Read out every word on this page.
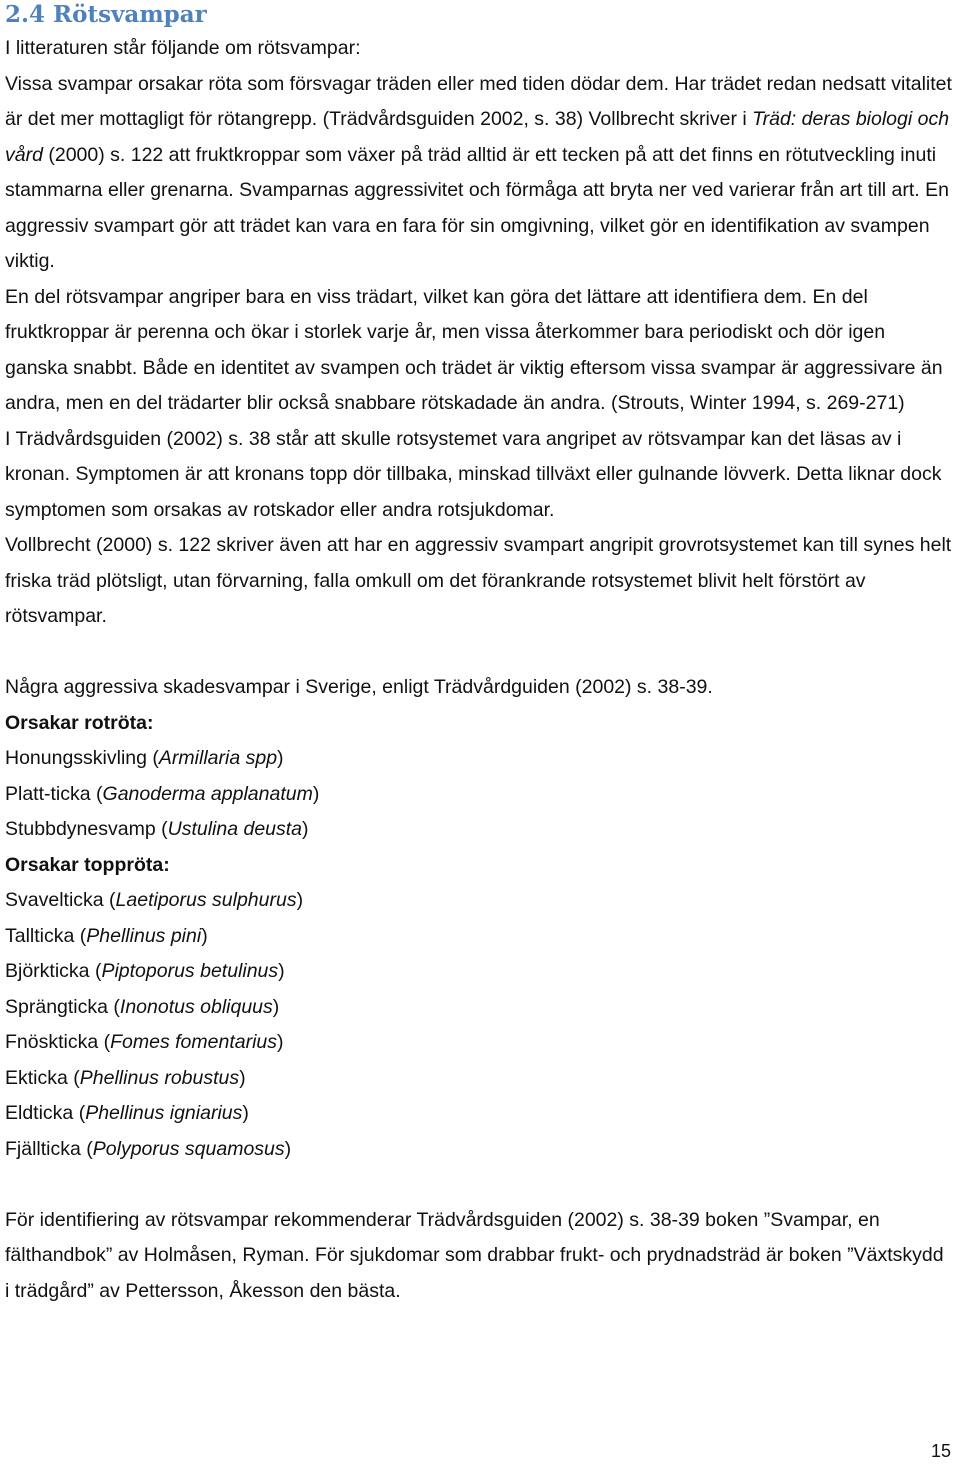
2.4 Rötsvampar

I litteraturen står följande om rötsvampar:

Vissa svampar orsakar röta som försvagar träden eller med tiden dödar dem. Har trädet redan nedsatt vitalitet är det mer mottagligt för rötangrepp. (Trädvårdsguiden 2002, s. 38) Vollbrecht skriver i Träd: deras biologi och vård (2000) s. 122 att fruktkroppar som växer på träd alltid är ett tecken på att det finns en rötutveckling inuti stammarna eller grenarna. Svamparnas aggressivitet och förmåga att bryta ner ved varierar från art till art. En aggressiv svampart gör att trädet kan vara en fara för sin omgivning, vilket gör en identifikation av svampen viktig.

En del rötsvampar angriper bara en viss trädart, vilket kan göra det lättare att identifiera dem. En del fruktkroppar är perenna och ökar i storlek varje år, men vissa återkommer bara periodiskt och dör igen ganska snabbt. Både en identitet av svampen och trädet är viktig eftersom vissa svampar är aggressivare än andra, men en del trädarter blir också snabbare rötskadade än andra. (Strouts, Winter 1994, s. 269-271)

I Trädvårdsguiden (2002) s. 38 står att skulle rotsystemet vara angripet av rötsvampar kan det läsas av i kronan. Symptomen är att kronans topp dör tillbaka, minskad tillväxt eller gulnande lövverk. Detta liknar dock symptomen som orsakas av rotskador eller andra rotsjukdomar.

Vollbrecht (2000) s. 122 skriver även att har en aggressiv svampart angripit grovrotsystemet kan till synes helt friska träd plötsligt, utan förvarning, falla omkull om det förankrande rotsystemet blivit helt förstört av rötsvampar.

Några aggressiva skadesvampar i Sverige, enligt Trädvårdguiden (2002) s. 38-39.

Orsakar rotröta:

Honungsskivling (Armillaria spp)
Platt-ticka (Ganoderma applanatum)
Stubbdynesvamp (Ustulina deusta)

Orsakar toppröta:

Svavelticka (Laetiporus sulphurus)
Tallticka (Phellinus pini)
Björkticka (Piptoporus betulinus)
Sprängticka (Inonotus obliquus)
Fnöskticka (Fomes fomentarius)
Ekticka (Phellinus robustus)
Eldticka (Phellinus igniarius)
Fjällticka (Polyporus squamosus)

För identifiering av rötsvampar rekommenderar Trädvårdsguiden (2002) s. 38-39 boken ”Svampar, en fälthandbok” av Holmåsen, Ryman. För sjukdomar som drabbar frukt- och prydnadsträd är boken ”Växtskydd i trädgård” av Pettersson, Åkesson den bästa.

15
